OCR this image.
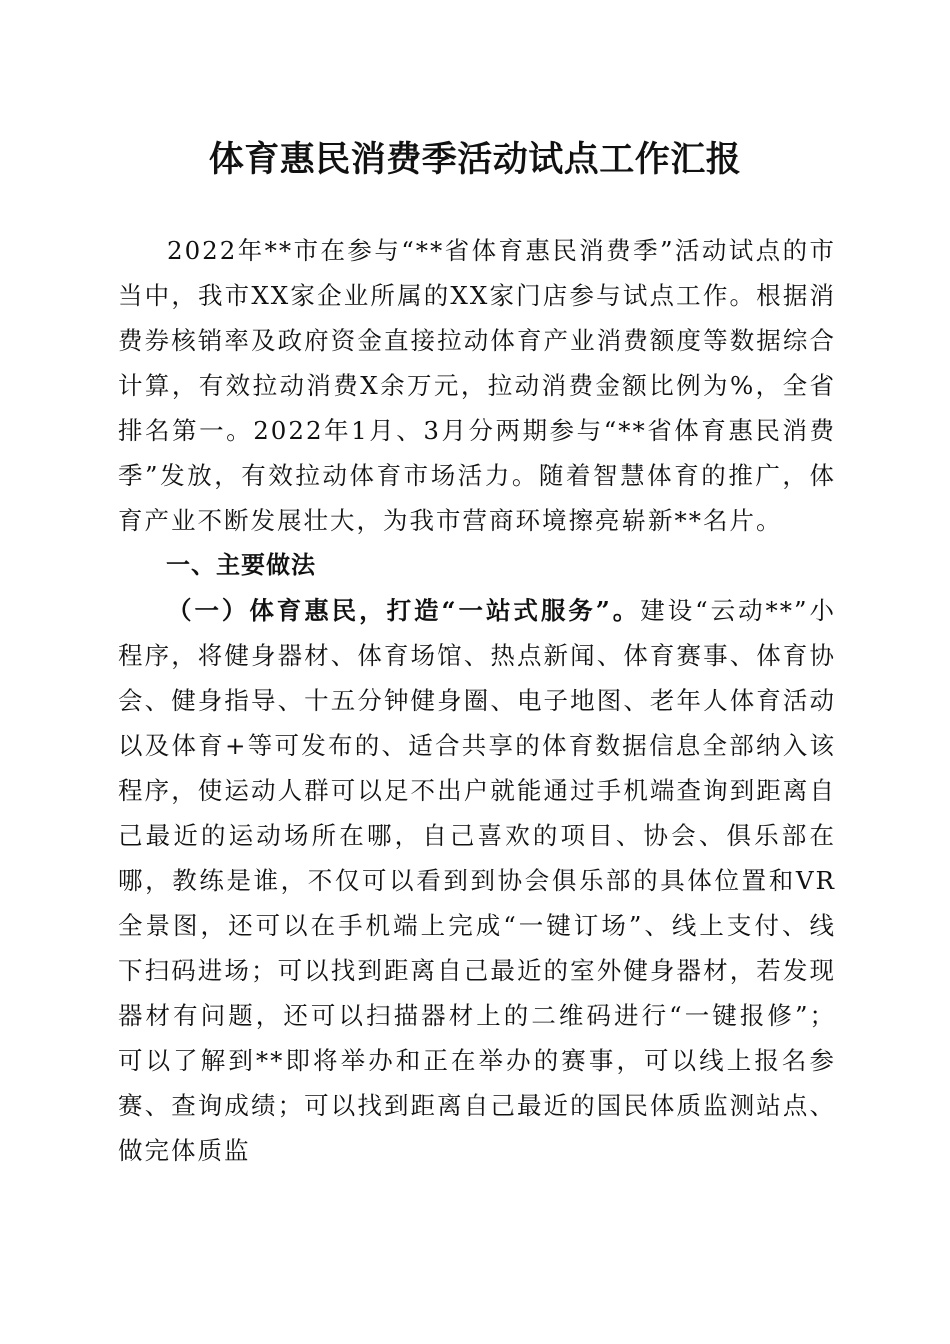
体育惠民消费季活动试点工作汇报

2022年**市在参与“**省体育惠民消费季”活动试点的市当中，我市XX家企业所属的XX家门店参与试点工作。根据消费券核销率及政府资金直接拉动体育产业消费额度等数据综合计算，有效拉动消费X余万元，拉动消费金额比例为%，全省排名第一。2022年1月、3月分两期参与“**省体育惠民消费季”发放，有效拉动体育市场活力。随着智慧体育的推广，体育产业不断发展壮大，为我市营商环境擦亮崭新**名片。

一、主要做法

（一）体育惠民，打造“一站式服务”。建设“云动**”小程序，将健身器材、体育场馆、热点新闻、体育赛事、体育协会、健身指导、十五分钟健身圈、电子地图、老年人体育活动以及体育+等可发布的、适合共享的体育数据信息全部纳入该程序，使运动人群可以足不出户就能通过手机端查询到距离自己最近的运动场所在哪，自己喜欢的项目、协会、俱乐部在哪，教练是谁，不仅可以看到到协会俱乐部的具体位置和VR全景图，还可以在手机端上完成“一键订场”、线上支付、线下扫码进场；可以找到距离自己最近的室外健身器材，若发现器材有问题，还可以扫描器材上的二维码进行“一键报修”；可以了解到**即将举办和正在举办的赛事，可以线上报名参赛、查询成绩；可以找到距离自己最近的国民体质监测站点、做完体质监
